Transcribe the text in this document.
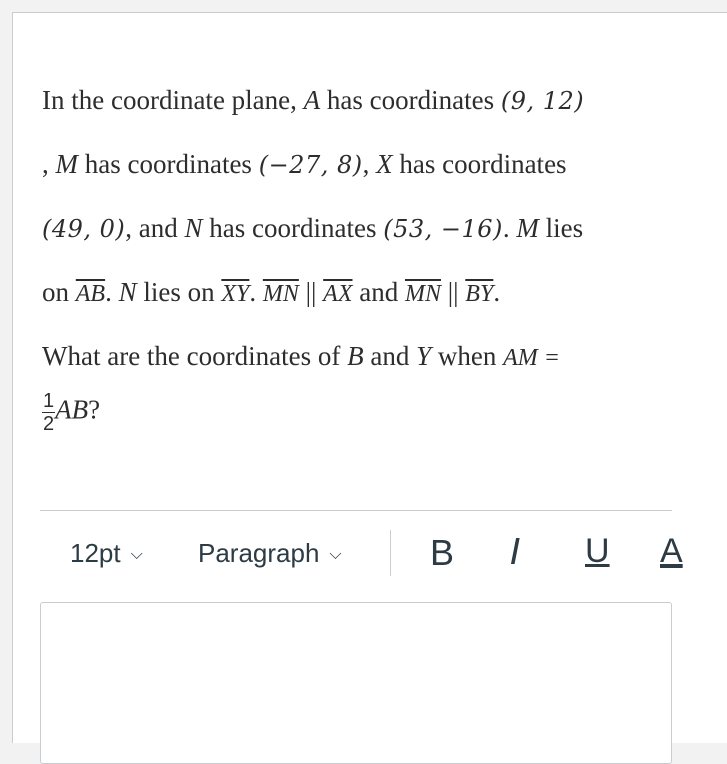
In the coordinate plane, A has coordinates (9, 12)
, M has coordinates (−27, 8), X has coordinates
(49, 0), and N has coordinates (53, −16). M lies
on $\overline{AB}$. N lies on $\overline{XY}$. $\overline{MN}$ || $\overline{AX}$ and $\overline{MN}$ || $\overline{BY}$.
What are the coordinates of B and Y when AM =
$\frac{1}{2}$ AB?
12pt ⌵ Paragraph ⌵ B I U A
